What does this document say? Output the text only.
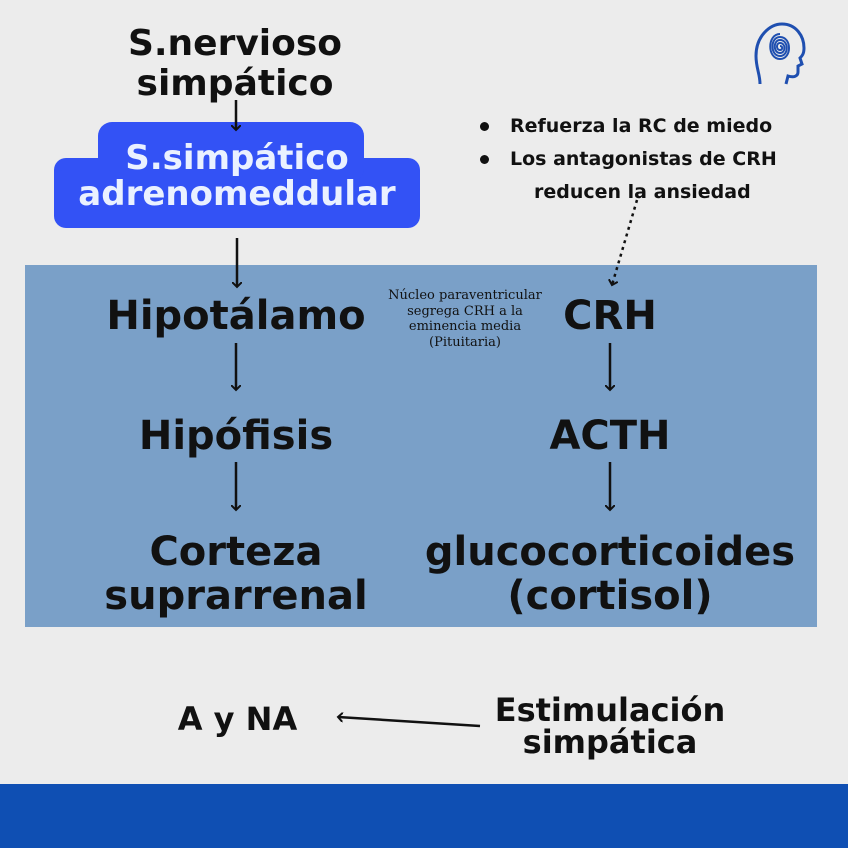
S.nervioso
simpático
S.simpático
adrenomeddular
Refuerza la RC de miedo
Los antagonistas de CRH
reducen la ansiedad
Hipotálamo
Hipófisis
Corteza
suprarrenal
Núcleo paraventricular
segrega CRH a la
eminencia media
(Pituitaria)
CRH
ACTH
glucocorticoides
(cortisol)
A y NA	Estimulación
simpática
